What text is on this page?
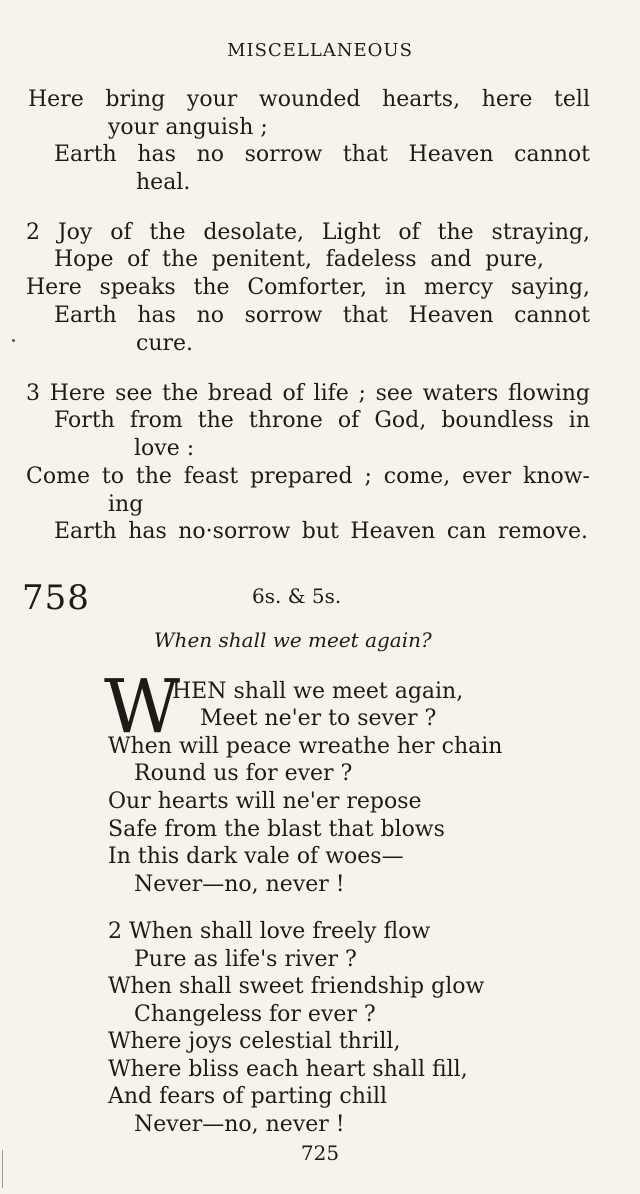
MISCELLANEOUS
Here bring your wounded hearts, here tell
your anguish ;
Earth has no sorrow that Heaven cannot
heal.
2 Joy of the desolate, Light of the straying,
Hope of the penitent, fadeless and pure,
Here speaks the Comforter, in mercy saying,
Earth has no sorrow that Heaven cannot
cure.
3 Here see the bread of life ; see waters flowing
Forth from the throne of God, boundless in
love :
Come to the feast prepared ; come, ever know-
ing
Earth has no·sorrow but Heaven can remove.
758	6s. & 5s.
When shall we meet again?
W
HEN shall we meet again,
Meet ne'er to sever ?
When will peace wreathe her chain
Round us for ever ?
Our hearts will ne'er repose
Safe from the blast that blows
In this dark vale of woes—
Never—no, never !
2 When shall love freely flow
Pure as life's river ?
When shall sweet friendship glow
Changeless for ever ?
Where joys celestial thrill,
Where bliss each heart shall fill,
And fears of parting chill
Never—no, never !
725
